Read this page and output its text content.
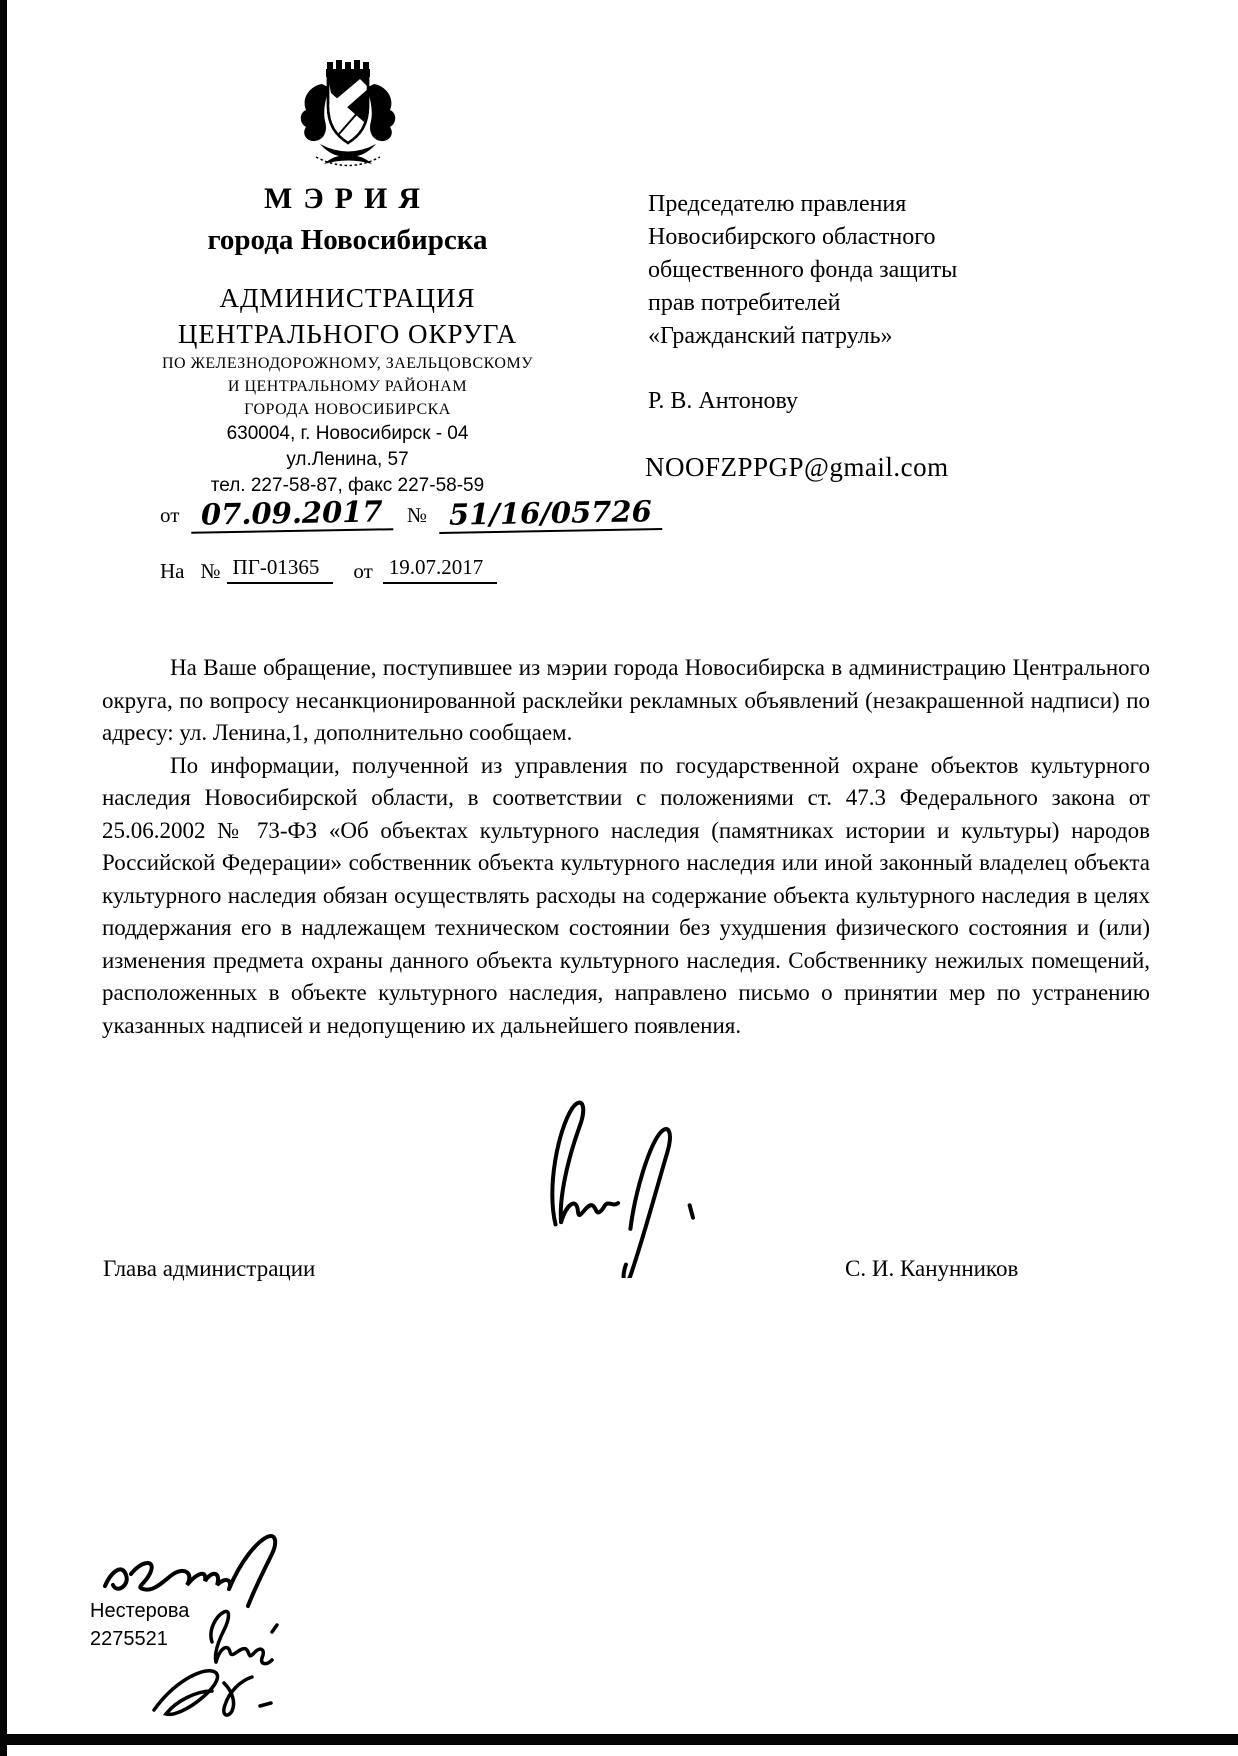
МЭРИЯ
города Новосибирска
АДМИНИСТРАЦИЯ
ЦЕНТРАЛЬНОГО ОКРУГА
ПО ЖЕЛЕЗНОДОРОЖНОМУ, ЗАЕЛЬЦОВСКОМУ
И ЦЕНТРАЛЬНОМУ РАЙОНАМ
ГОРОДА НОВОСИБИРСКА
630004, г. Новосибирск - 04
ул.Ленина, 57
тел. 227-58-87, факс 227-58-59
от 07.09.2017	№ 51/16/05726
На № ПГ-01365	от 19.07.2017
Председателю правления
Новосибирского областного
общественного фонда защиты
прав потребителей
«Гражданский патруль»
Р. В. Антонову
NOOFZPPGP@gmail.com

На Ваше обращение, поступившее из мэрии города Новосибирска в администрацию Центрального округа, по вопросу несанкционированной расклейки рекламных объявлений (незакрашенной надписи) по адресу: ул. Ленина,1, дополнительно сообщаем.

По информации, полученной из управления по государственной охране объектов культурного наследия Новосибирской области, в соответствии с положениями ст. 47.3 Федерального закона от 25.06.2002 № 73-ФЗ «Об объектах культурного наследия (памятниках истории и культуры) народов Российской Федерации» собственник объекта культурного наследия или иной законный владелец объекта культурного наследия обязан осуществлять расходы на содержание объекта культурного наследия в целях поддержания его в надлежащем техническом состоянии без ухудшения физического состояния и (или) изменения предмета охраны данного объекта культурного наследия. Собственнику нежилых помещений, расположенных в объекте культурного наследия, направлено письмо о принятии мер по устранению указанных надписей и недопущению их дальнейшего появления.

Глава администрации	С. И. Канунников
Нестерова
2275521
